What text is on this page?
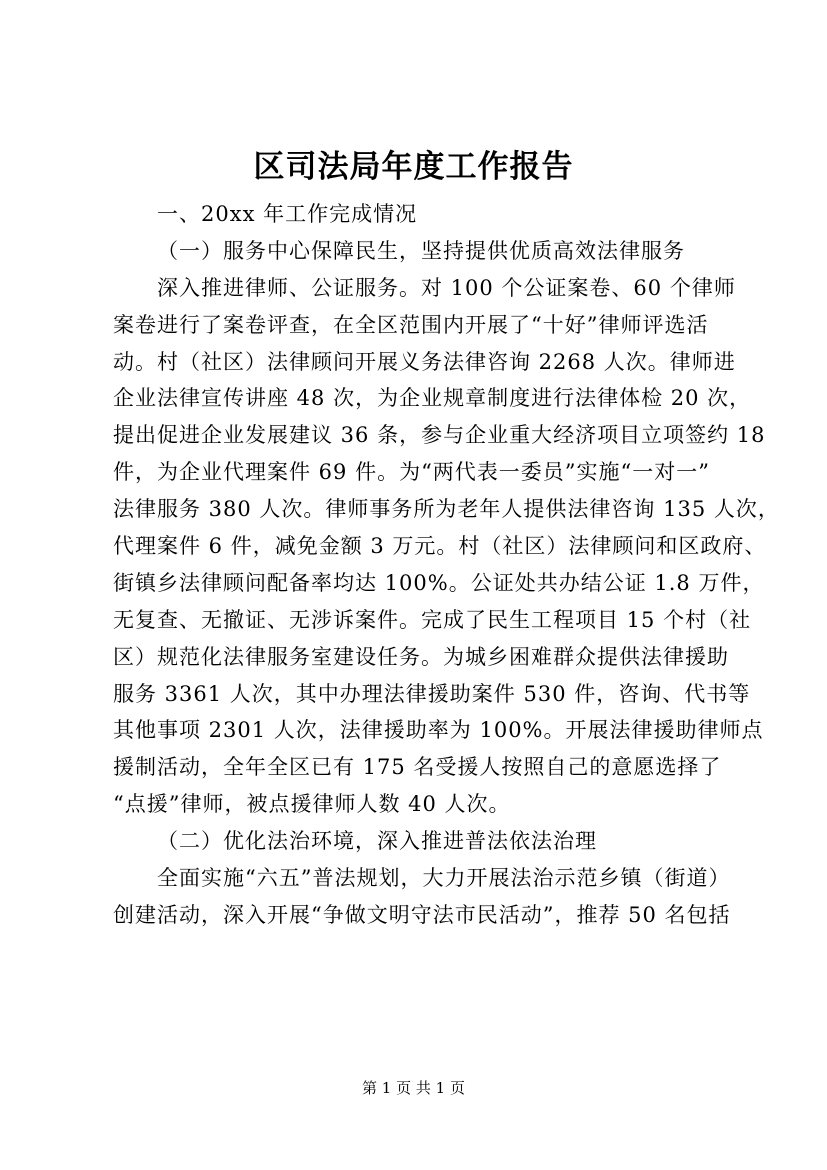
区司法局年度工作报告
一、20xx 年工作完成情况
（一）服务中心保障民生，坚持提供优质高效法律服务
深入推进律师、公证服务。对 100 个公证案卷、60 个律师
案卷进行了案卷评查，在全区范围内开展了“十好”律师评选活
动。村（社区）法律顾问开展义务法律咨询 2268 人次。律师进
企业法律宣传讲座 48 次，为企业规章制度进行法律体检 20 次，
提出促进企业发展建议 36 条，参与企业重大经济项目立项签约 18
件，为企业代理案件 69 件。为“两代表一委员”实施“一对一”
法律服务 380 人次。律师事务所为老年人提供法律咨询 135 人次，
代理案件 6 件，减免金额 3 万元。村（社区）法律顾问和区政府、
街镇乡法律顾问配备率均达 100%。公证处共办结公证 1.8 万件，
无复查、无撤证、无涉诉案件。完成了民生工程项目 15 个村（社
区）规范化法律服务室建设任务。为城乡困难群众提供法律援助
服务 3361 人次，其中办理法律援助案件 530 件，咨询、代书等
其他事项 2301 人次，法律援助率为 100%。开展法律援助律师点
援制活动，全年全区已有 175 名受援人按照自己的意愿选择了
“点援”律师，被点援律师人数 40 人次。
（二）优化法治环境，深入推进普法依法治理
全面实施“六五”普法规划，大力开展法治示范乡镇（街道）
创建活动，深入开展“争做文明守法市民活动”，推荐 50 名包括
第 1 页 共 1 页
